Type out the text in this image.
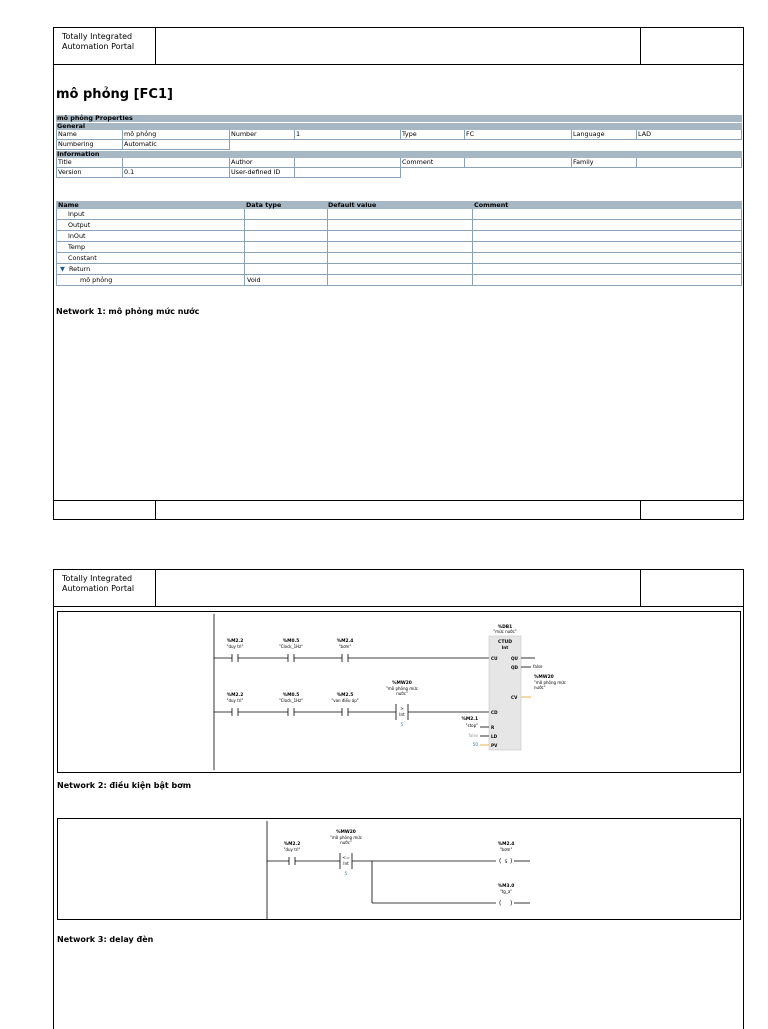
Totally Integrated
Automation Portal
mô phỏng [FC1]
mô phỏng Properties
General
Name	mô phỏng	Number	1	Type	FC	Language	LAD
Numbering	Automatic
Information
Title	Author	Comment	Family
Version	0.1	User-defined ID
Name	Data type	Default value	Comment
Input
Output
InOut
Temp
Constant
▼ Return
mô phỏng	Void
Network 1: mô phỏng mức nước
Totally Integrated
Automation Portal
%M2.2
"duy trì"
%M0.5
"Clock_1Hz"
%M2.4
"bơm"
%M2.2
"duy trì"
%M0.5
"Clock_1Hz"
%M2.5
"van điều áp"
>
Int
%MW20
"mô phỏng mức
nước"
5
%DB1
"mức nước"
CTUD
Int
CU
CD
R
LD
PV
QU
QD
CV
false
%MW20
"mô phỏng mức
nước"
%M2.1
"stop"
false
50
Network 2: điều kiện bật bơm
%M2.2
"duy trì"
<=
Int
%MW20
"mô phỏng mức
nước"
5
%M2.4
"bơm"
( S )
%M3.0
"tg_a"
( )
Network 3: delay đèn
